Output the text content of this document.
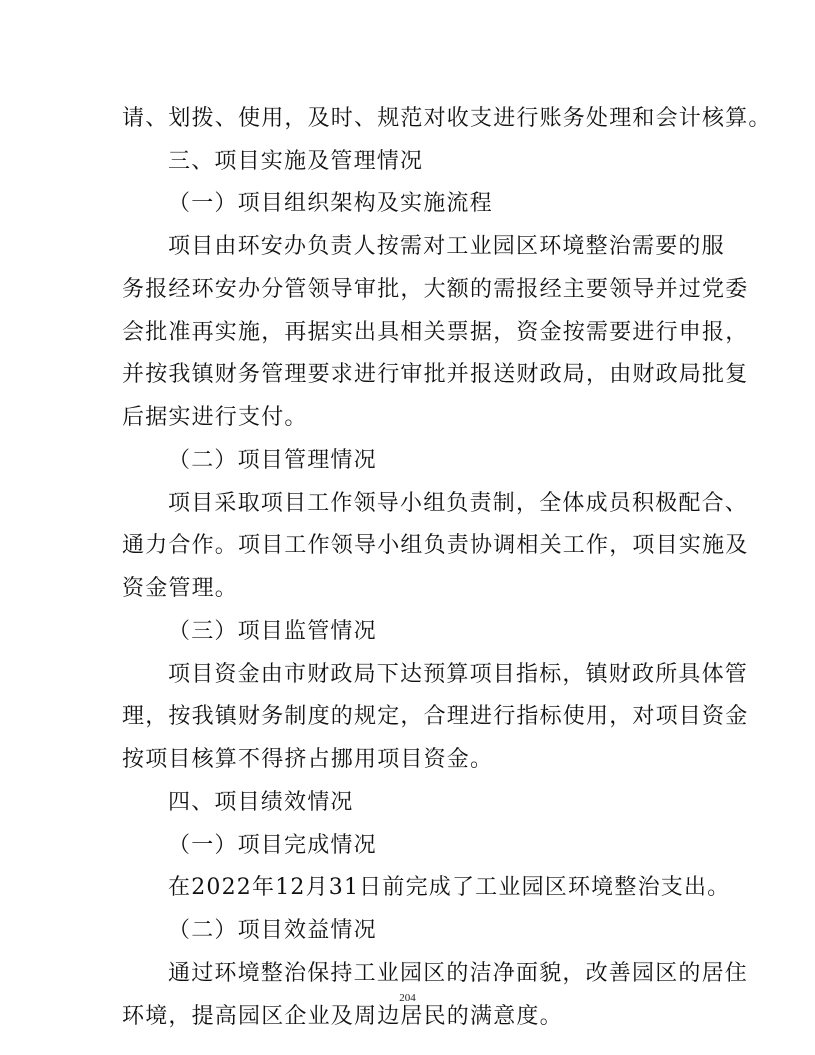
请、划拨、使用，及时、规范对收支进行账务处理和会计核算。
三、项目实施及管理情况
（一）项目组织架构及实施流程
项目由环安办负责人按需对工业园区环境整治需要的服
务报经环安办分管领导审批，大额的需报经主要领导并过党委
会批准再实施，再据实出具相关票据，资金按需要进行申报，
并按我镇财务管理要求进行审批并报送财政局，由财政局批复
后据实进行支付。
（二）项目管理情况
项目采取项目工作领导小组负责制，全体成员积极配合、
通力合作。项目工作领导小组负责协调相关工作，项目实施及
资金管理。
（三）项目监管情况
项目资金由市财政局下达预算项目指标，镇财政所具体管
理，按我镇财务制度的规定，合理进行指标使用，对项目资金
按项目核算不得挤占挪用项目资金。
四、项目绩效情况
（一）项目完成情况
在2022年12月31日前完成了工业园区环境整治支出。
（二）项目效益情况
通过环境整治保持工业园区的洁净面貌，改善园区的居住
环境，提高园区企业及周边居民的满意度。
204
